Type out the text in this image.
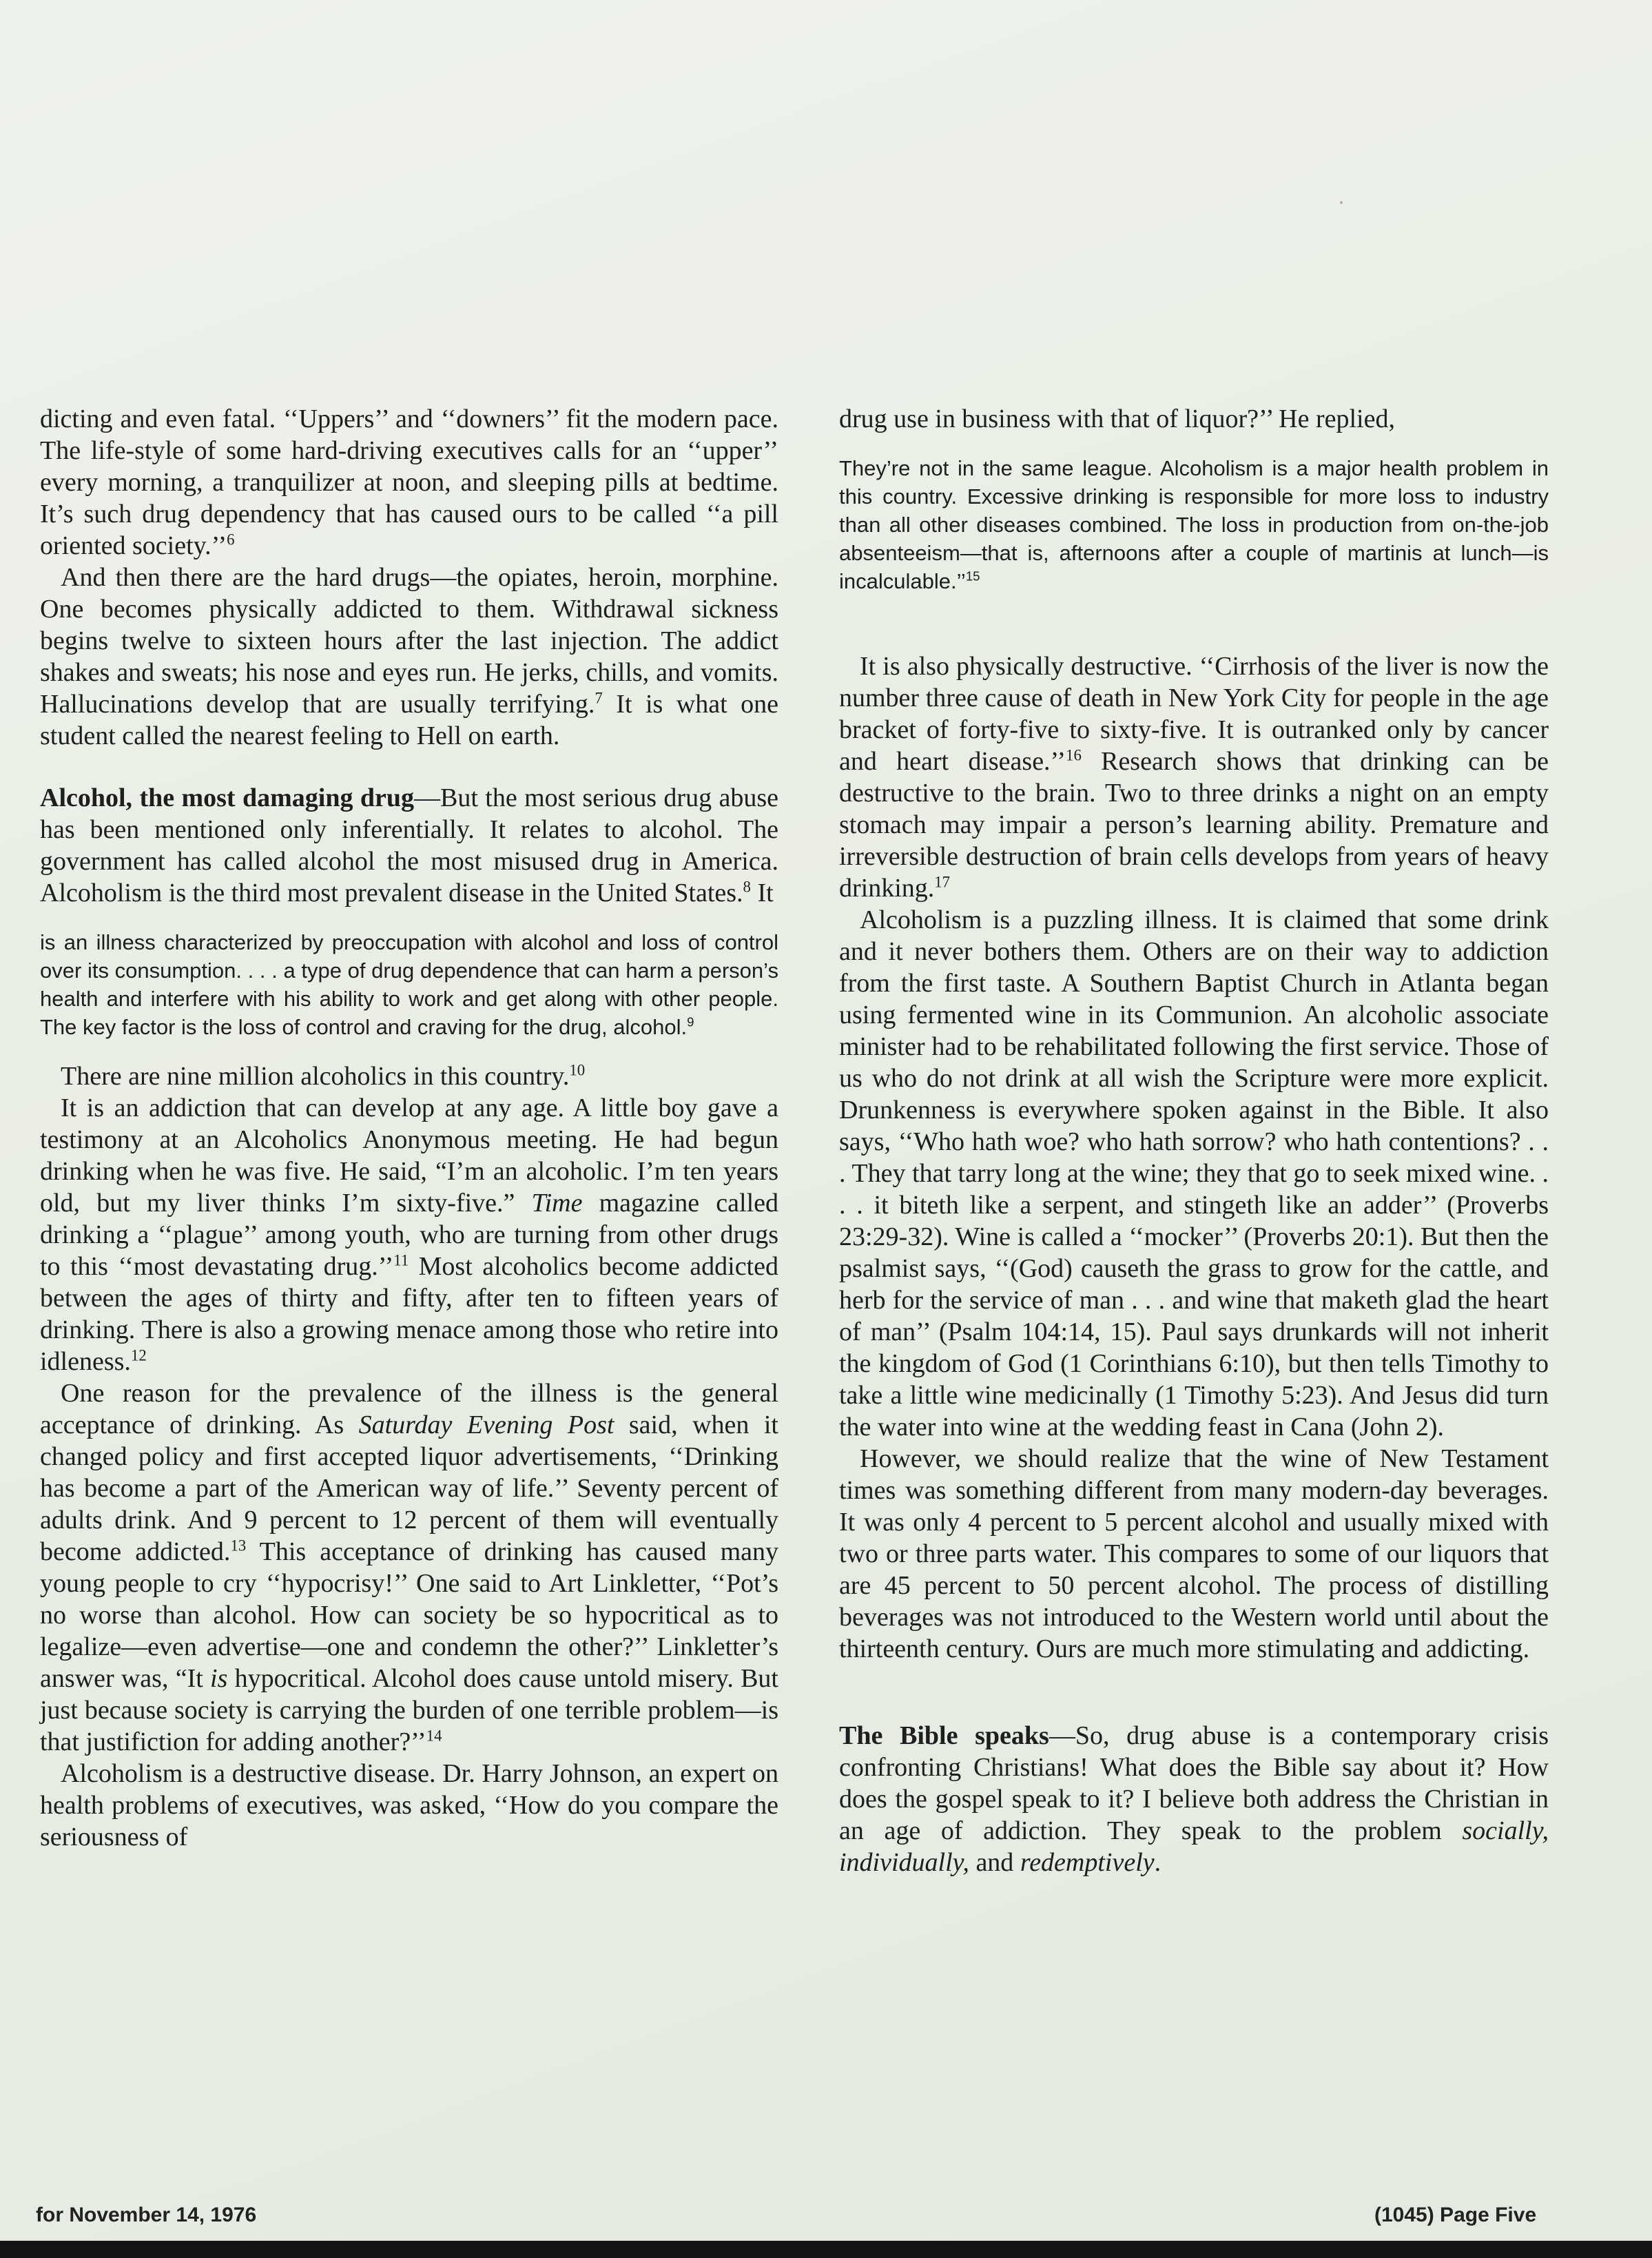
dicting and even fatal. ‘‘Uppers’’ and ‘‘downers’’ fit the modern pace. The life-style of some hard-driving executives calls for an ‘‘upper’’ every morning, a tranquilizer at noon, and sleeping pills at bedtime. It’s such drug dependency that has caused ours to be called ‘‘a pill oriented society.’’$^6$

And then there are the hard drugs—the opiates, heroin, morphine. One becomes physically addicted to them. Withdrawal sickness begins twelve to sixteen hours after the last injection. The addict shakes and sweats; his nose and eyes run. He jerks, chills, and vomits. Hallucinations develop that are usually terrifying.$^7$ It is what one student called the nearest feeling to Hell on earth.

Alcohol, the most damaging drug—But the most serious drug abuse has been mentioned only inferentially. It relates to alcohol. The government has called alcohol the most misused drug in America. Alcoholism is the third most prevalent disease in the United States.$^8$ It

is an illness characterized by preoccupation with alcohol and loss of control over its consumption. . . . a type of drug dependence that can harm a person’s health and interfere with his ability to work and get along with other people. The key factor is the loss of control and craving for the drug, alcohol.$^9$

There are nine million alcoholics in this country.$^{10}$

It is an addiction that can develop at any age. A little boy gave a testimony at an Alcoholics Anonymous meeting. He had begun drinking when he was five. He said, “I’m an alcoholic. I’m ten years old, but my liver thinks I’m sixty-five.” Time magazine called drinking a ‘‘plague’’ among youth, who are turning from other drugs to this ‘‘most devastating drug.’’$^{11}$ Most alcoholics become addicted between the ages of thirty and fifty, after ten to fifteen years of drinking. There is also a growing menace among those who retire into idleness.$^{12}$

One reason for the prevalence of the illness is the general acceptance of drinking. As Saturday Evening Post said, when it changed policy and first accepted liquor advertisements, ‘‘Drinking has become a part of the American way of life.’’ Seventy percent of adults drink. And 9 percent to 12 percent of them will eventually become addicted.$^{13}$ This acceptance of drinking has caused many young people to cry ‘‘hypocrisy!’’ One said to Art Linkletter, ‘‘Pot’s no worse than alcohol. How can society be so hypocritical as to legalize—even advertise—one and condemn the other?’’ Linkletter’s answer was, “It is hypocritical. Alcohol does cause untold misery. But just because society is carrying the burden of one terrible problem—is that justifiction for adding another?’’$^{14}$

Alcoholism is a destructive disease. Dr. Harry Johnson, an expert on health problems of executives, was asked, ‘‘How do you compare the seriousness of

drug use in business with that of liquor?’’ He replied,

They’re not in the same league. Alcoholism is a major health problem in this country. Excessive drinking is responsible for more loss to industry than all other diseases combined. The loss in production from on-the-job absenteeism—that is, afternoons after a couple of martinis at lunch—is incalculable.’’$^{15}$

It is also physically destructive. ‘‘Cirrhosis of the liver is now the number three cause of death in New York City for people in the age bracket of forty-five to sixty-five. It is outranked only by cancer and heart disease.’’$^{16}$ Research shows that drinking can be destructive to the brain. Two to three drinks a night on an empty stomach may impair a person’s learning ability. Premature and irreversible destruction of brain cells develops from years of heavy drinking.$^{17}$

Alcoholism is a puzzling illness. It is claimed that some drink and it never bothers them. Others are on their way to addiction from the first taste. A Southern Baptist Church in Atlanta began using fermented wine in its Communion. An alcoholic associate minister had to be rehabilitated following the first service. Those of us who do not drink at all wish the Scripture were more explicit. Drunkenness is everywhere spoken against in the Bible. It also says, ‘‘Who hath woe? who hath sorrow? who hath contentions? . . . They that tarry long at the wine; they that go to seek mixed wine. . . . it biteth like a serpent, and stingeth like an adder’’ (Proverbs 23:29-32). Wine is called a ‘‘mocker’’ (Proverbs 20:1). But then the psalmist says, ‘‘(God) causeth the grass to grow for the cattle, and herb for the service of man . . . and wine that maketh glad the heart of man’’ (Psalm 104:14, 15). Paul says drunkards will not inherit the kingdom of God (1 Corinthians 6:10), but then tells Timothy to take a little wine medicinally (1 Timothy 5:23). And Jesus did turn the water into wine at the wedding feast in Cana (John 2).

However, we should realize that the wine of New Testament times was something different from many modern-day beverages. It was only 4 percent to 5 percent alcohol and usually mixed with two or three parts water. This compares to some of our liquors that are 45 percent to 50 percent alcohol. The process of distilling beverages was not introduced to the Western world until about the thirteenth century. Ours are much more stimulating and addicting.

The Bible speaks—So, drug abuse is a contemporary crisis confronting Christians! What does the Bible say about it? How does the gospel speak to it? I believe both address the Christian in an age of addiction. They speak to the problem socially, individually, and redemptively.

for November 14, 1976	(1045) Page Five
